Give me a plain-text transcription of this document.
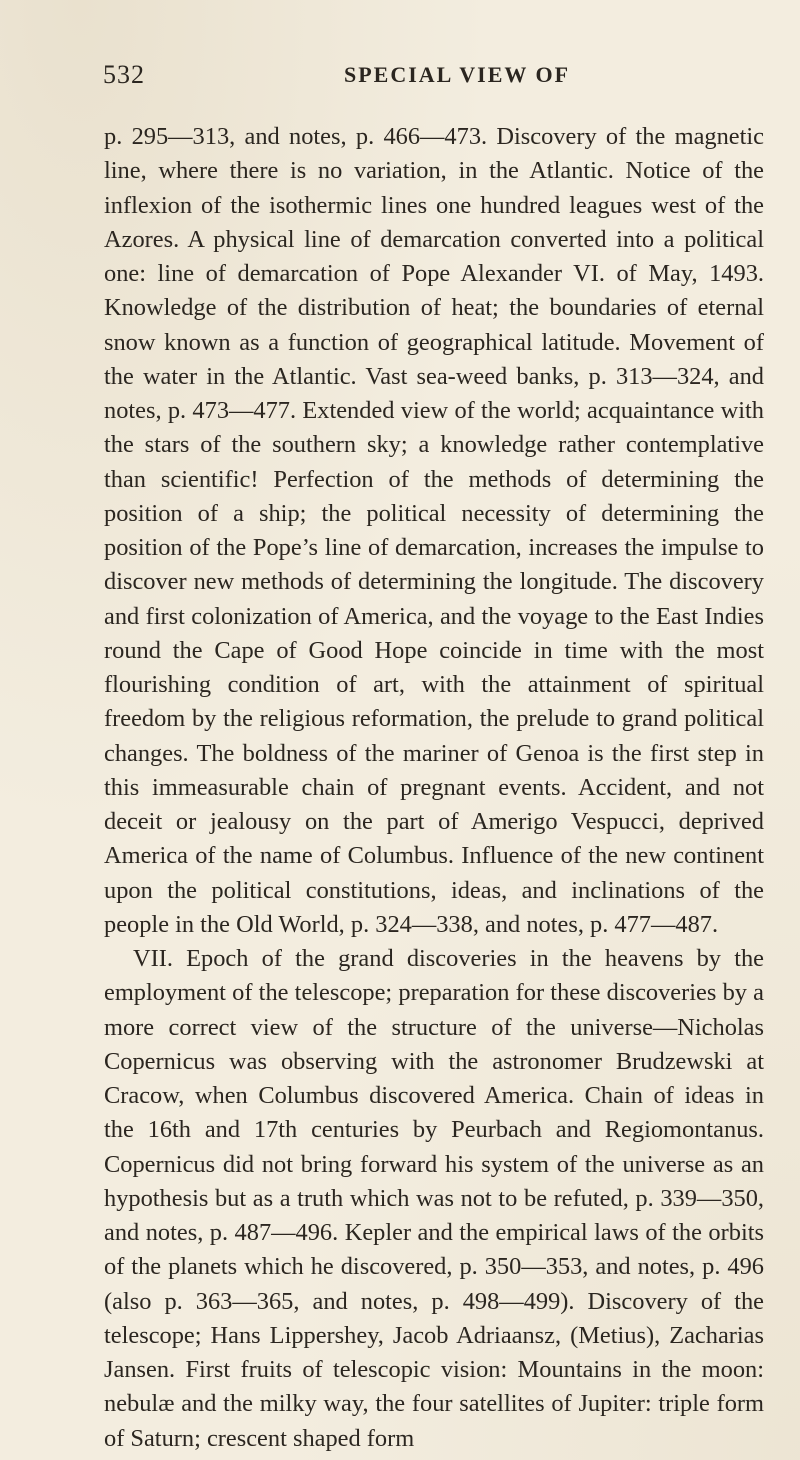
532	SPECIAL VIEW OF

p. 295—313, and notes, p. 466—473. Discovery of the magnetic line, where there is no variation, in the Atlantic. Notice of the inflexion of the isothermic lines one hundred leagues west of the Azores. A physical line of demarcation converted into a political one: line of demarcation of Pope Alexander VI. of May, 1493. Knowledge of the distribution of heat; the boundaries of eternal snow known as a function of geographical latitude. Movement of the water in the Atlantic. Vast sea-weed banks, p. 313—324, and notes, p. 473—477. Extended view of the world; acquaintance with the stars of the southern sky; a knowledge rather contemplative than scientific! Perfection of the methods of determining the position of a ship; the political necessity of determining the position of the Pope’s line of demarcation, increases the impulse to discover new methods of determining the longitude. The discovery and first colonization of America, and the voyage to the East Indies round the Cape of Good Hope coincide in time with the most flourishing condition of art, with the attainment of spiritual freedom by the religious reformation, the prelude to grand political changes. The boldness of the mariner of Genoa is the first step in this immeasurable chain of pregnant events. Accident, and not deceit or jealousy on the part of Amerigo Vespucci, deprived America of the name of Columbus. Influence of the new continent upon the political constitutions, ideas, and inclinations of the people in the Old World, p. 324—338, and notes, p. 477—487.

VII. Epoch of the grand discoveries in the heavens by the employment of the telescope; preparation for these discoveries by a more correct view of the structure of the universe—Nicholas Copernicus was observing with the astronomer Brudzewski at Cracow, when Columbus discovered America. Chain of ideas in the 16th and 17th centuries by Peurbach and Regiomontanus. Copernicus did not bring forward his system of the universe as an hypothesis but as a truth which was not to be refuted, p. 339—350, and notes, p. 487—496. Kepler and the empirical laws of the orbits of the planets which he discovered, p. 350—353, and notes, p. 496 (also p. 363—365, and notes, p. 498—499). Discovery of the telescope; Hans Lippershey, Jacob Adriaansz, (Metius), Zacharias Jansen. First fruits of telescopic vision: Mountains in the moon: nebulæ and the milky way, the four satellites of Jupiter: triple form of Saturn; crescent shaped form
